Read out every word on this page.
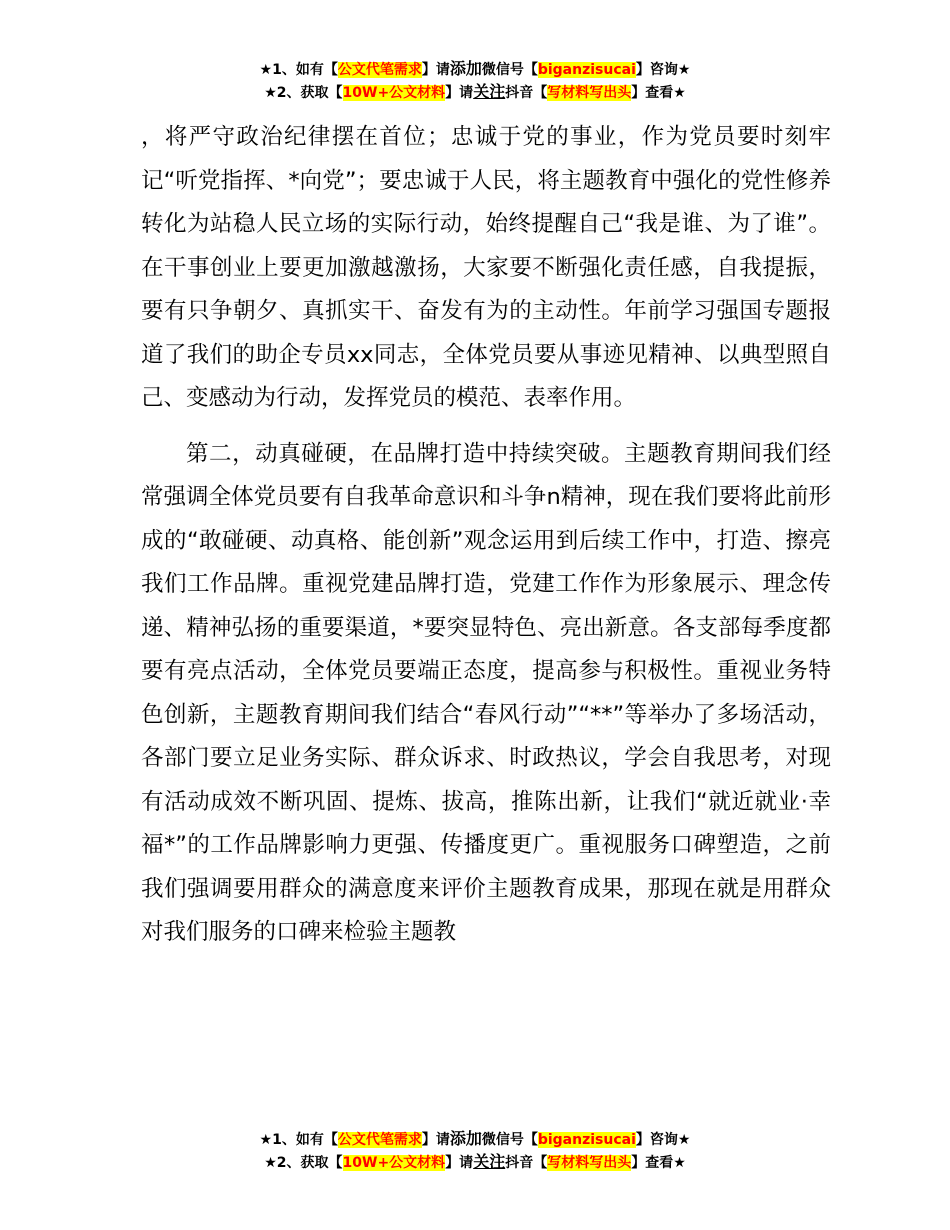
★1、如有【公文代笔需求】请添加微信号【biganzisucai】咨询★
★2、获取【10W+公文材料】请关注抖音【写材料写出头】查看★

，将严守政治纪律摆在首位；忠诚于党的事业，作为党员要时刻牢记“听党指挥、*向党”；要忠诚于人民，将主题教育中强化的党性修养转化为站稳人民立场的实际行动，始终提醒自己“我是谁、为了谁”。在干事创业上要更加激越激扬，大家要不断强化责任感，自我提振，要有只争朝夕、真抓实干、奋发有为的主动性。年前学习强国专题报道了我们的助企专员xx同志，全体党员要从事迹见精神、以典型照自己、变感动为行动，发挥党员的模范、表率作用。

第二，动真碰硬，在品牌打造中持续突破。主题教育期间我们经常强调全体党员要有自我革命意识和斗争n精神，现在我们要将此前形成的“敢碰硬、动真格、能创新”观念运用到后续工作中，打造、擦亮我们工作品牌。重视党建品牌打造，党建工作作为形象展示、理念传递、精神弘扬的重要渠道，*要突显特色、亮出新意。各支部每季度都要有亮点活动，全体党员要端正态度，提高参与积极性。重视业务特色创新，主题教育期间我们结合“春风行动”“**”等举办了多场活动，各部门要立足业务实际、群众诉求、时政热议，学会自我思考，对现有活动成效不断巩固、提炼、拔高，推陈出新，让我们“就近就业·幸福*”的工作品牌影响力更强、传播度更广。重视服务口碑塑造，之前我们强调要用群众的满意度来评价主题教育成果，那现在就是用群众对我们服务的口碑来检验主题教

★1、如有【公文代笔需求】请添加微信号【biganzisucai】咨询★
★2、获取【10W+公文材料】请关注抖音【写材料写出头】查看★
